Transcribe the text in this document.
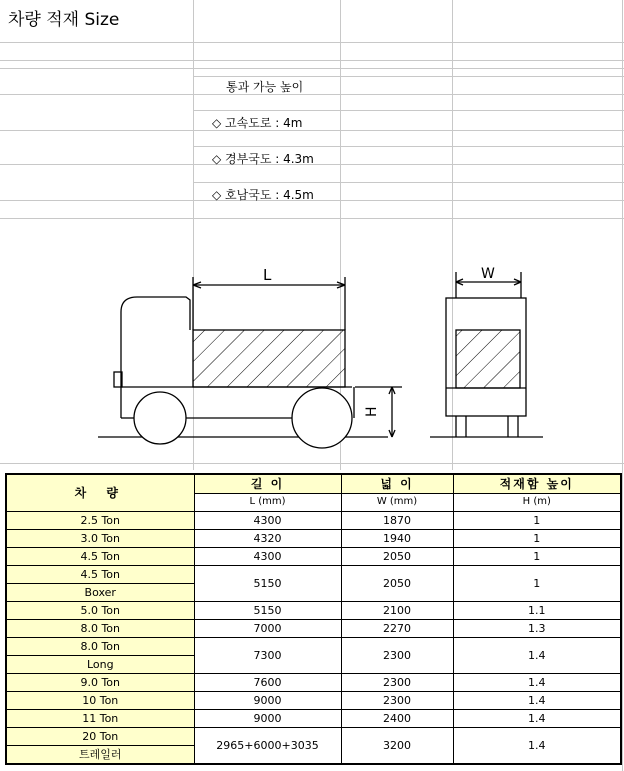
차량 적재 Size
통과 가능 높이
◇ 고속도로 : 4m
◇ 경부국도 : 4.3m
◇ 호남국도 : 4.5m
L	W
H
차 량	길 이	넓 이	적재함 높이
	L (mm)	W (mm)	H (m)
2.5 Ton	4300	1870	1
3.0 Ton	4320	1940	1
4.5 Ton	4300	2050	1
4.5 Ton	5150	2050	1
Boxer			
5.0 Ton	5150	2100	1.1
8.0 Ton	7000	2270	1.3
8.0 Ton	7300	2300	1.4
Long			
9.0 Ton	7600	2300	1.4
10 Ton	9000	2300	1.4
11 Ton	9000	2400	1.4
20 Ton	2965+6000+3035	3200	1.4
트레일러			
